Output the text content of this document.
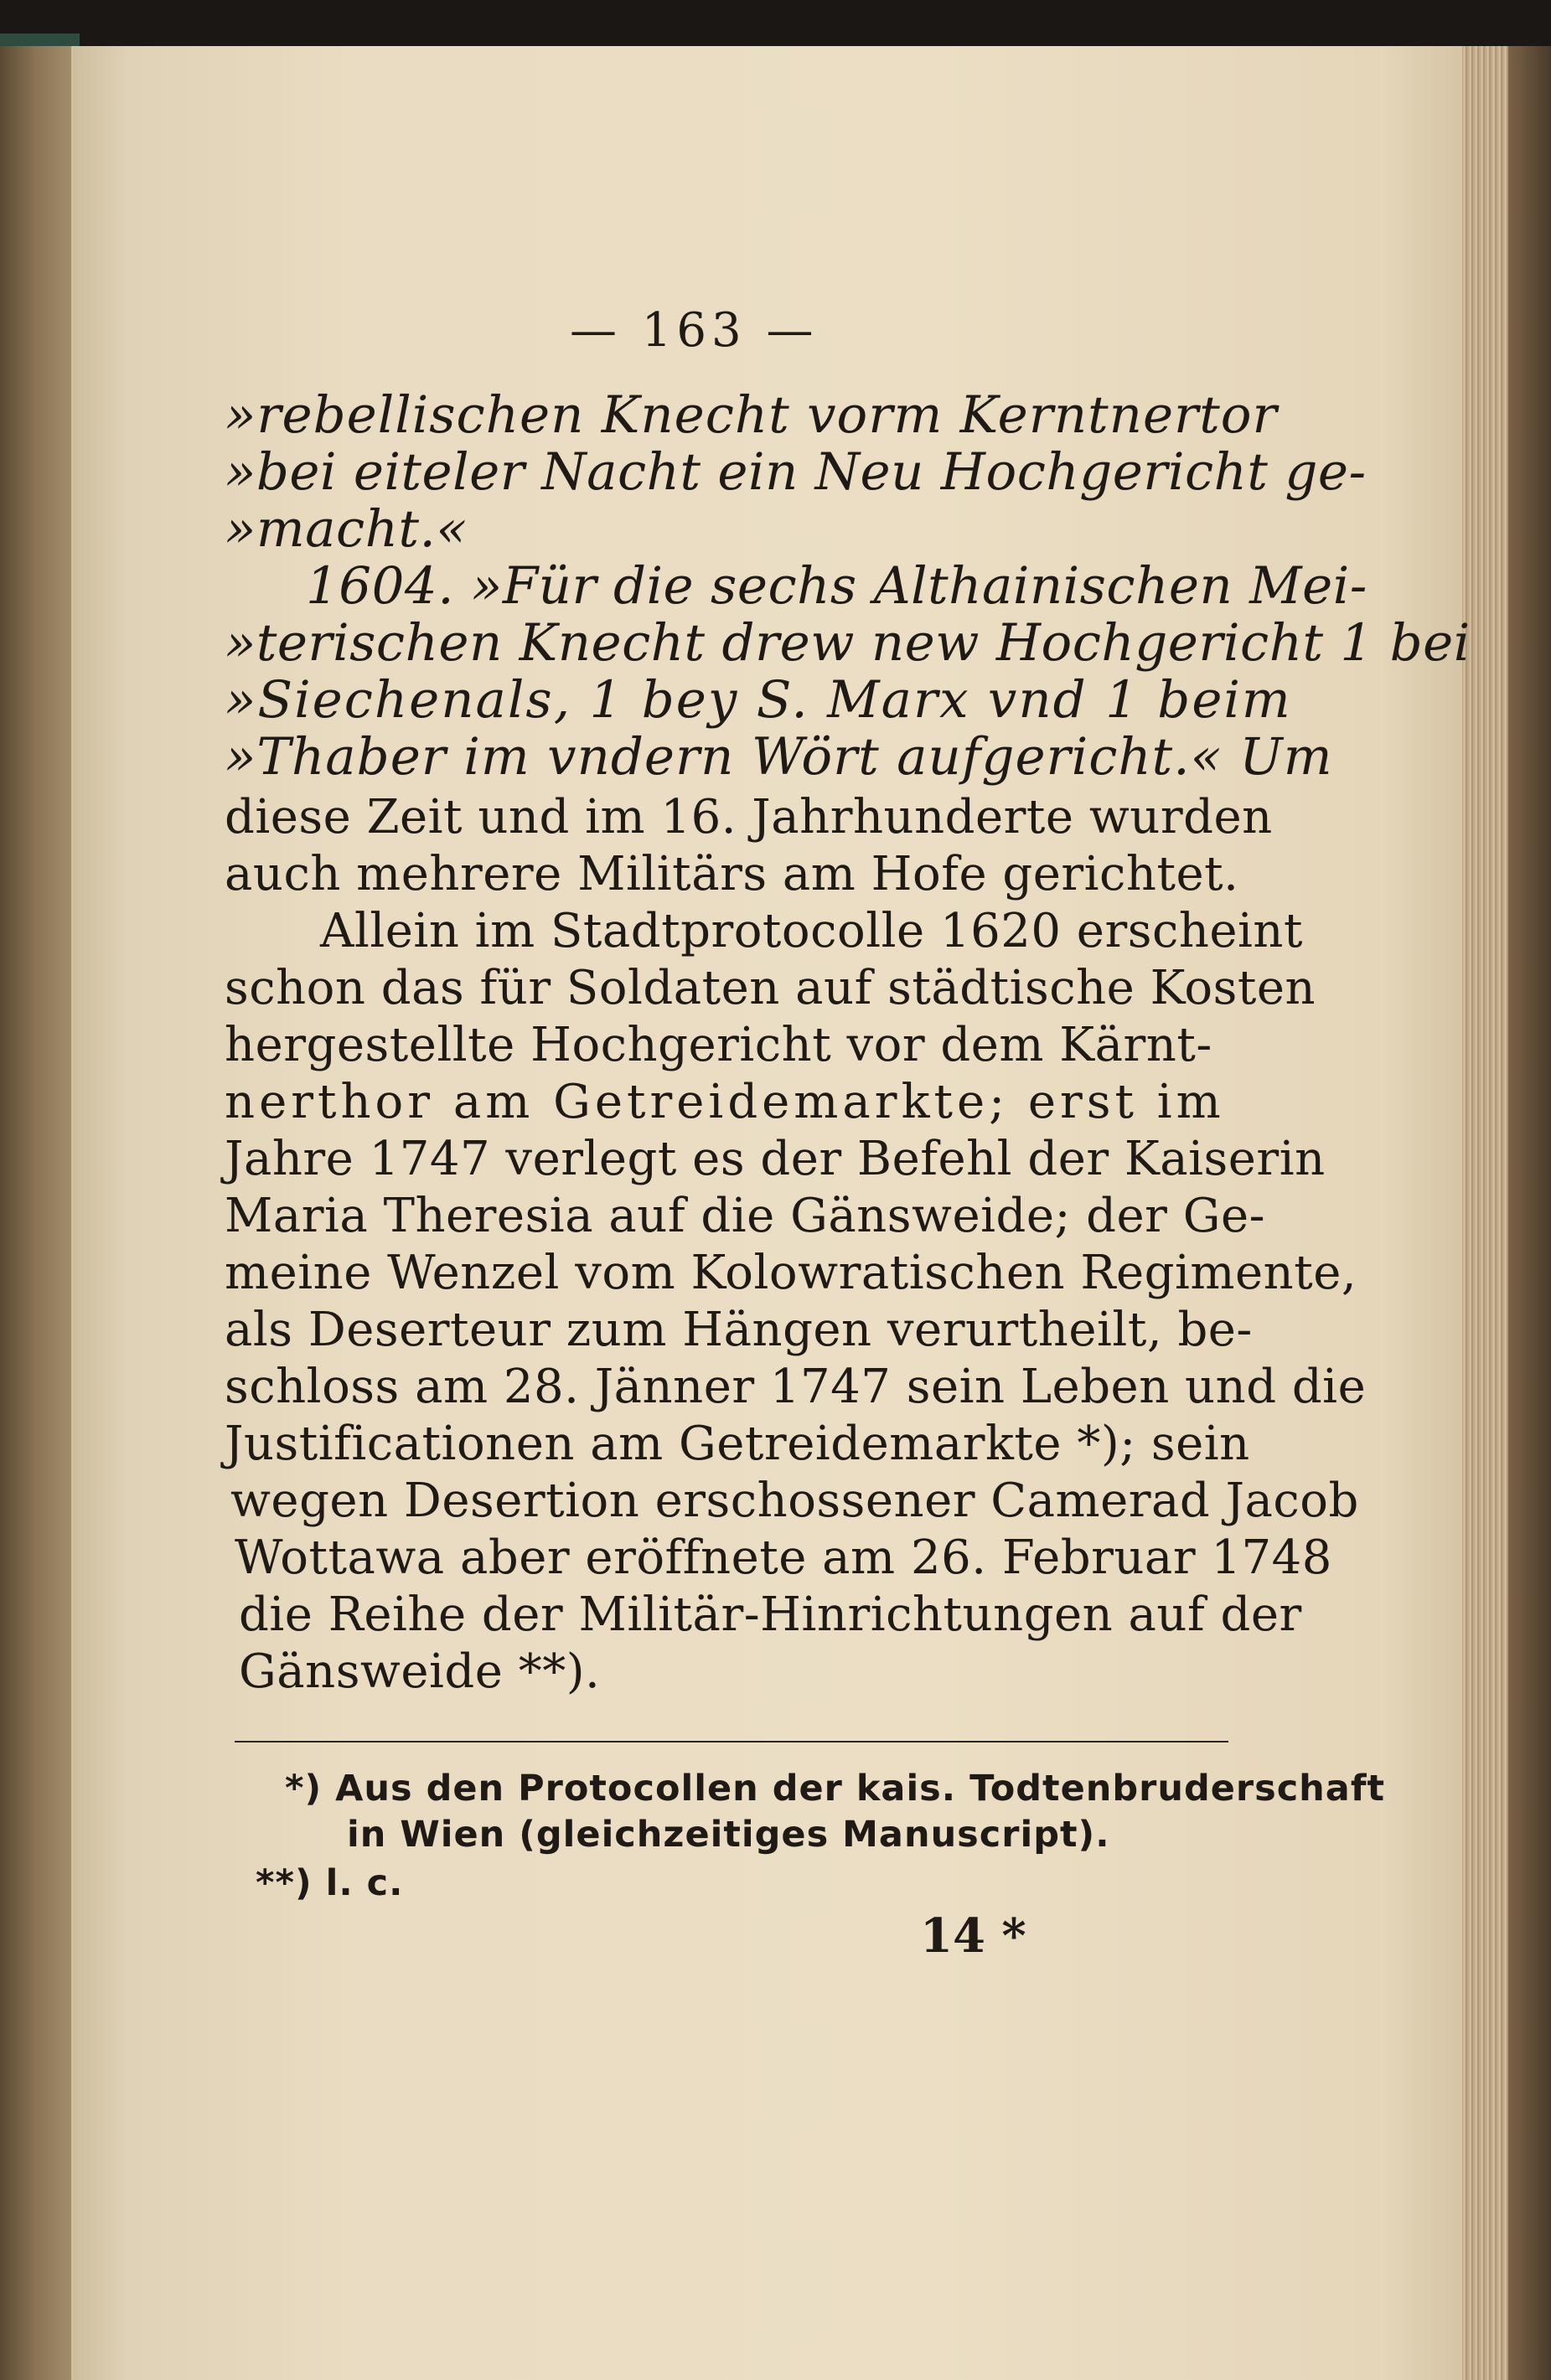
— 163 —
»rebellischen Knecht vorm Kerntnertor
»bei eiteler Nacht ein Neu Hochgericht ge-
»macht.«
1604. »Für die sechs Althainischen Mei-
»terischen Knecht drew new Hochgericht 1 bei
»Siechenals, 1 bey S. Marx vnd 1 beim
»Thaber im vndern Wört aufgericht.« Um
diese Zeit und im 16. Jahrhunderte wurden
auch mehrere Militärs am Hofe gerichtet.
Allein im Stadtprotocolle 1620 erscheint
schon das für Soldaten auf städtische Kosten
hergestellte Hochgericht vor dem Kärnt-
nerthor am Getreidemarkte; erst im
Jahre 1747 verlegt es der Befehl der Kaiserin
Maria Theresia auf die Gänsweide; der Ge-
meine Wenzel vom Kolowratischen Regimente,
als Deserteur zum Hängen verurtheilt, be-
schloss am 28. Jänner 1747 sein Leben und die
Justificationen am Getreidemarkte *); sein
wegen Desertion erschossener Camerad Jacob
Wottawa aber eröffnete am 26. Februar 1748
die Reihe der Militär-Hinrichtungen auf der
Gänsweide **).
*) Aus den Protocollen der kais. Todtenbruderschaft
in Wien (gleichzeitiges Manuscript).
**) l. c.
14 *
